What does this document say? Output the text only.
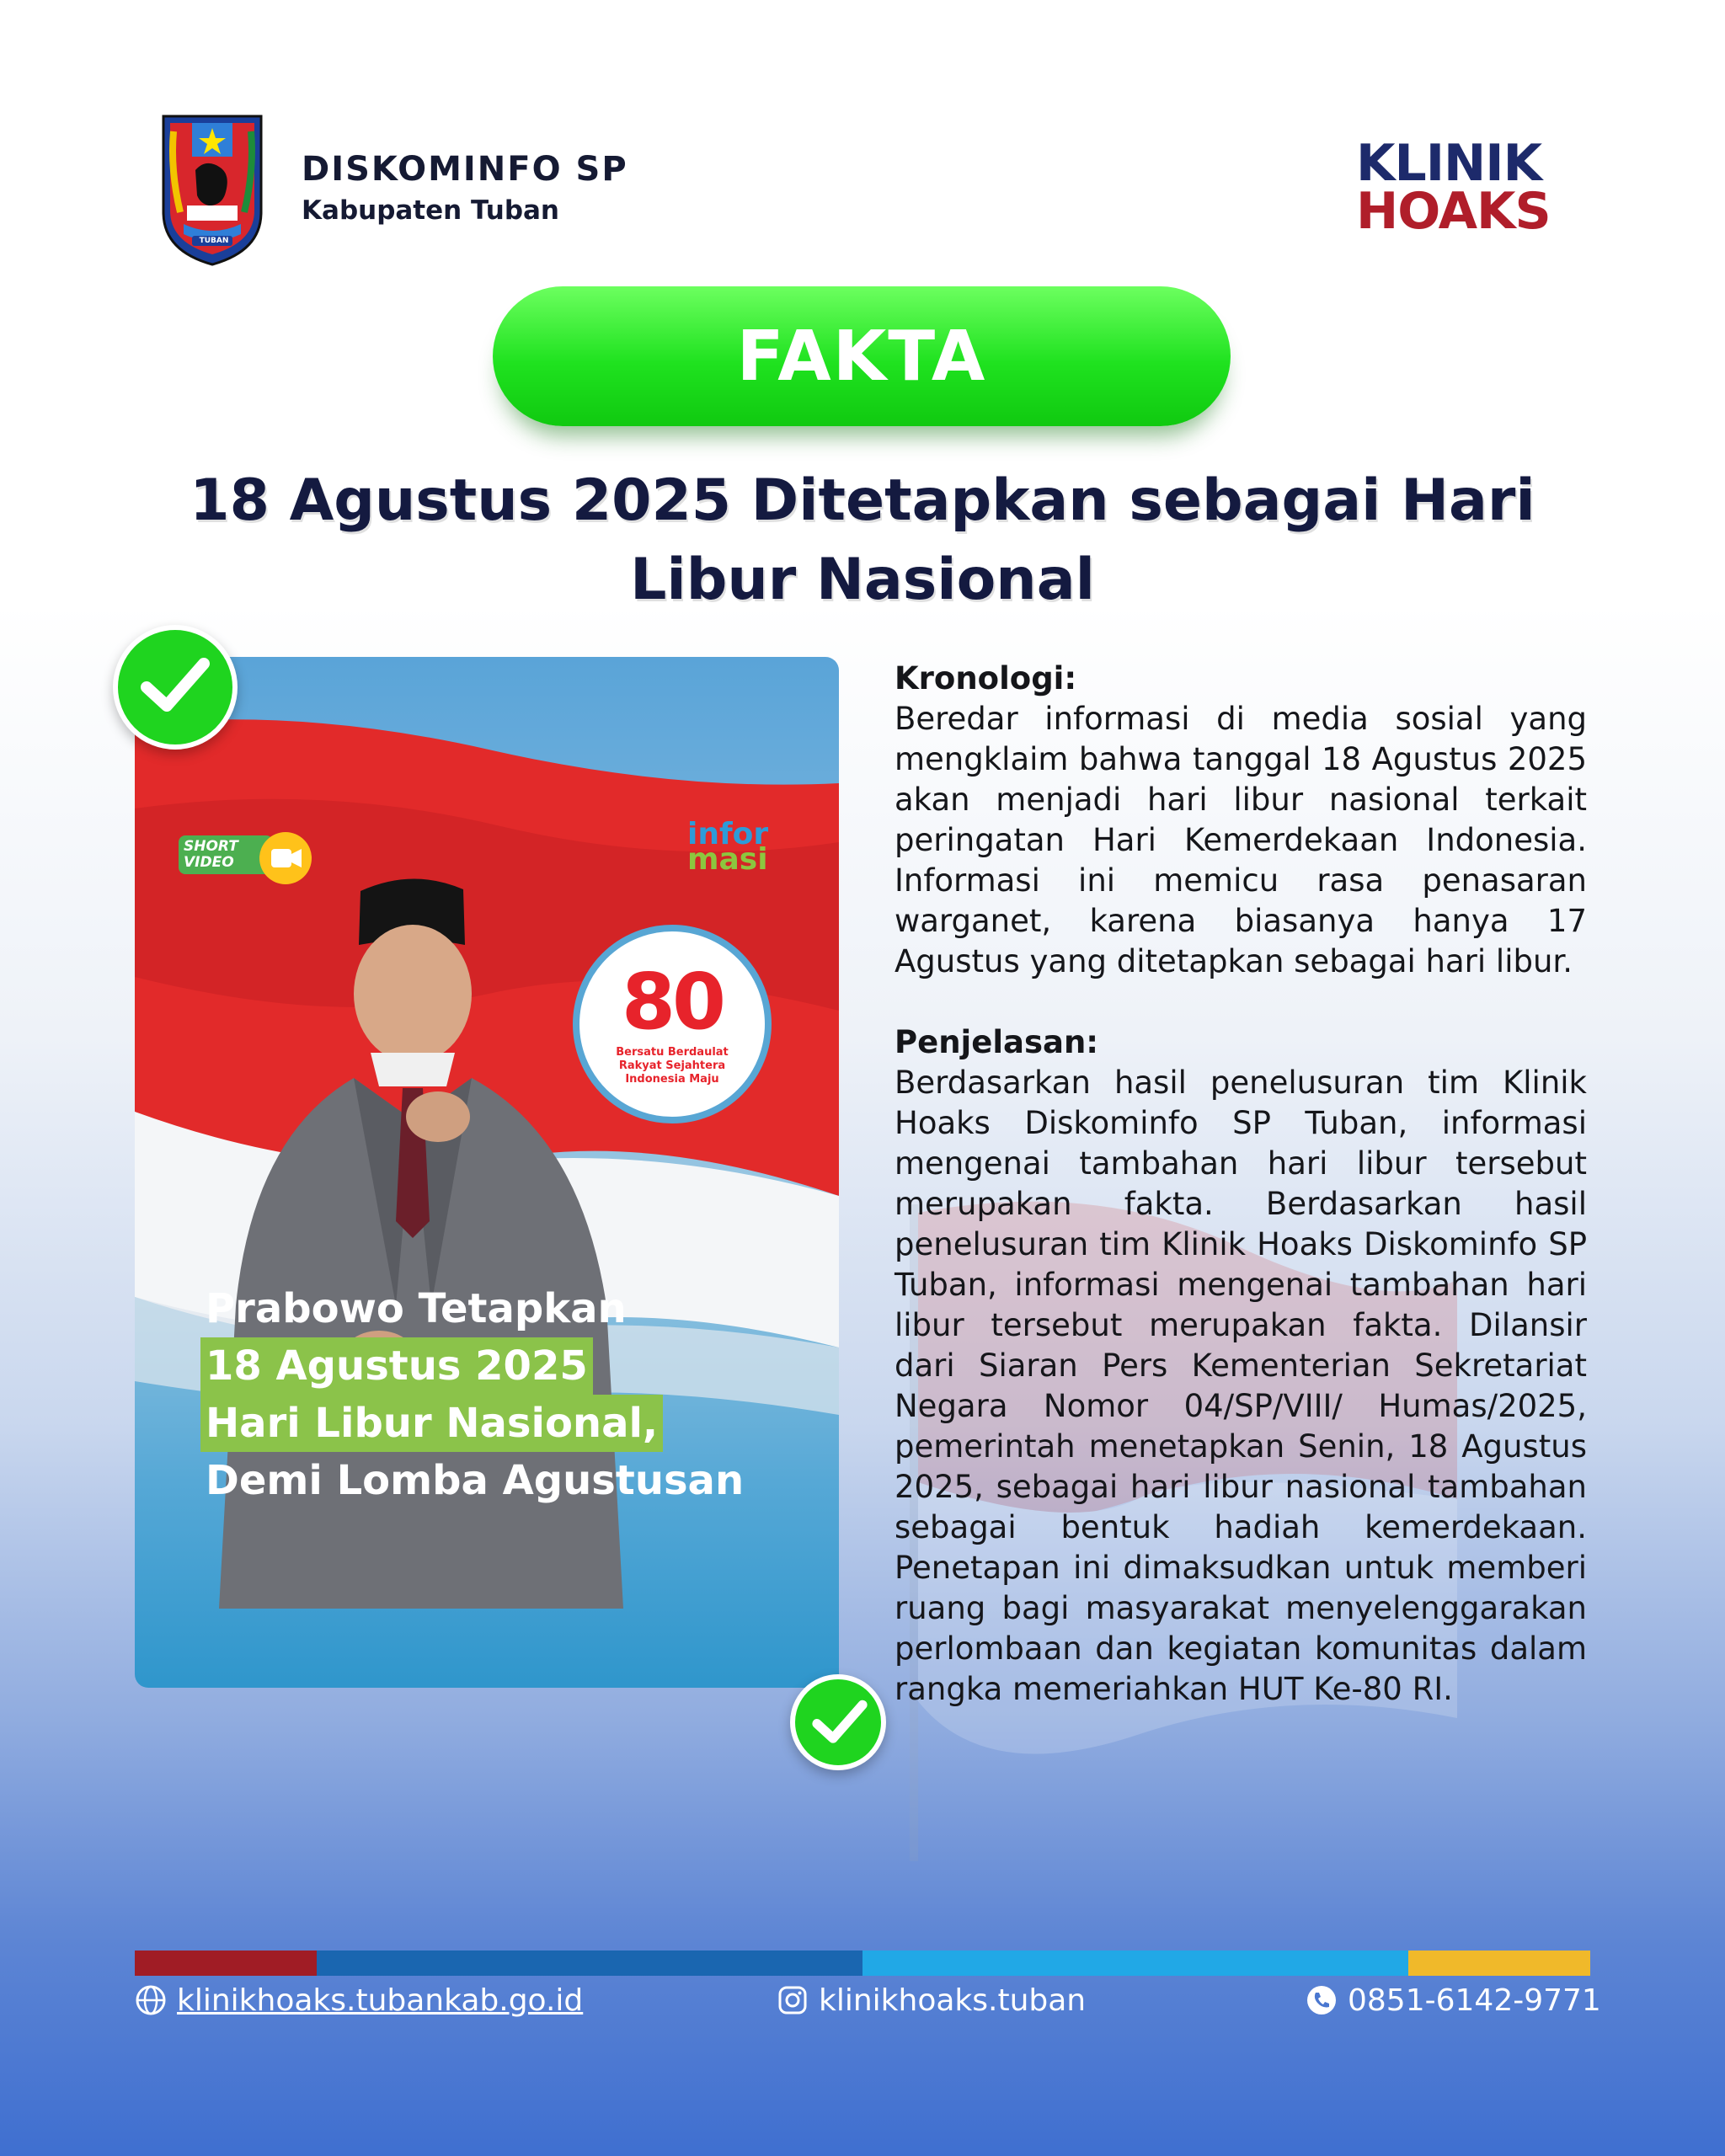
TUBAN
DISKOMINFO SP
Kabupaten Tuban
KLINIK
HOAKS
FAKTA
18 Agustus 2025 Ditetapkan sebagai Hari Libur Nasional
SHORT VIDEO
infor
masi
80
Bersatu Berdaulat
Rakyat Sejahtera
Indonesia Maju
Prabowo Tetapkan
18 Agustus 2025
Hari Libur Nasional,
Demi Lomba Agustusan
Kronologi:
Beredar informasi di media sosial yang mengklaim bahwa tanggal 18 Agustus 2025 akan menjadi hari libur nasional terkait peringatan Hari Kemerdekaan Indonesia. Informasi ini memicu rasa penasaran warganet, karena biasanya hanya 17 Agustus yang ditetapkan sebagai hari libur.
Penjelasan:
Berdasarkan hasil penelusuran tim Klinik Hoaks Diskominfo SP Tuban, informasi mengenai tambahan hari libur tersebut merupakan fakta. Berdasarkan hasil penelusuran tim Klinik Hoaks Diskominfo SP Tuban, informasi mengenai tambahan hari libur tersebut merupakan fakta. Dilansir dari Siaran Pers Kementerian Sekretariat Negara Nomor 04/SP/VIII/ Humas/2025, pemerintah menetapkan Senin, 18 Agustus 2025, sebagai hari libur nasional tambahan sebagai bentuk hadiah kemerdekaan. Penetapan ini dimaksudkan untuk memberi ruang bagi masyarakat menyelenggarakan perlombaan dan kegiatan komunitas dalam rangka memeriahkan HUT Ke-80 RI.
klinikhoaks.tubankab.go.id	klinikhoaks.tuban	0851-6142-9771
